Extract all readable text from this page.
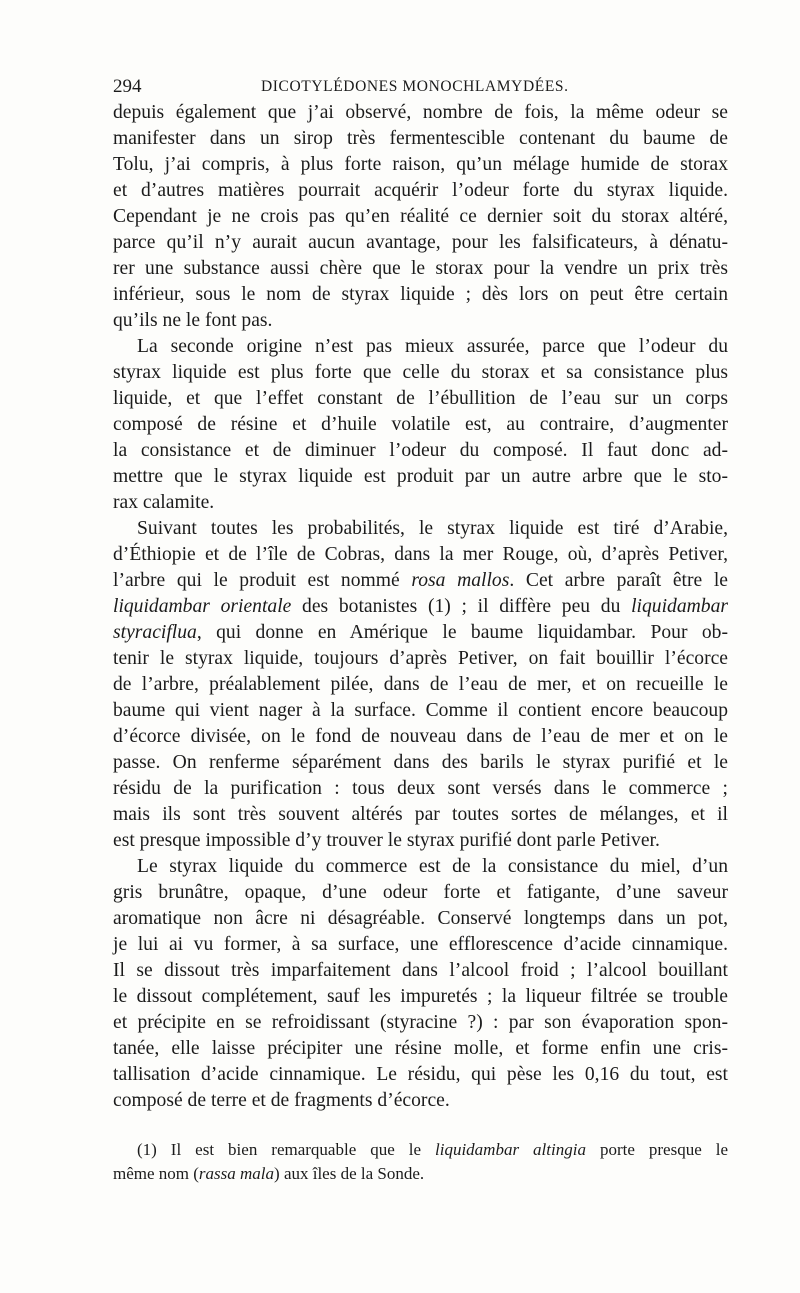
294	DICOTYLÉDONES MONOCHLAMYDÉES.
depuis également que j’ai observé, nombre de fois, la même odeur se
manifester dans un sirop très fermentescible contenant du baume de
Tolu, j’ai compris, à plus forte raison, qu’un mélage humide de storax
et d’autres matières pourrait acquérir l’odeur forte du styrax liquide.
Cependant je ne crois pas qu’en réalité ce dernier soit du storax altéré,
parce qu’il n’y aurait aucun avantage, pour les falsificateurs, à dénatu-
rer une substance aussi chère que le storax pour la vendre un prix très
inférieur, sous le nom de styrax liquide ; dès lors on peut être certain
qu’ils ne le font pas.
La seconde origine n’est pas mieux assurée, parce que l’odeur du
styrax liquide est plus forte que celle du storax et sa consistance plus
liquide, et que l’effet constant de l’ébullition de l’eau sur un corps
composé de résine et d’huile volatile est, au contraire, d’augmenter
la consistance et de diminuer l’odeur du composé. Il faut donc ad-
mettre que le styrax liquide est produit par un autre arbre que le sto-
rax calamite.
Suivant toutes les probabilités, le styrax liquide est tiré d’Arabie,
d’Éthiopie et de l’île de Cobras, dans la mer Rouge, où, d’après Petiver,
l’arbre qui le produit est nommé rosa mallos. Cet arbre paraît être le
liquidambar orientale des botanistes (1) ; il diffère peu du liquidambar
styraciflua, qui donne en Amérique le baume liquidambar. Pour ob-
tenir le styrax liquide, toujours d’après Petiver, on fait bouillir l’écorce
de l’arbre, préalablement pilée, dans de l’eau de mer, et on recueille le
baume qui vient nager à la surface. Comme il contient encore beaucoup
d’écorce divisée, on le fond de nouveau dans de l’eau de mer et on le
passe. On renferme séparément dans des barils le styrax purifié et le
résidu de la purification : tous deux sont versés dans le commerce ;
mais ils sont très souvent altérés par toutes sortes de mélanges, et il
est presque impossible d’y trouver le styrax purifié dont parle Petiver.
Le styrax liquide du commerce est de la consistance du miel, d’un
gris brunâtre, opaque, d’une odeur forte et fatigante, d’une saveur
aromatique non âcre ni désagréable. Conservé longtemps dans un pot,
je lui ai vu former, à sa surface, une efflorescence d’acide cinnamique.
Il se dissout très imparfaitement dans l’alcool froid ; l’alcool bouillant
le dissout complétement, sauf les impuretés ; la liqueur filtrée se trouble
et précipite en se refroidissant (styracine ?) : par son évaporation spon-
tanée, elle laisse précipiter une résine molle, et forme enfin une cris-
tallisation d’acide cinnamique. Le résidu, qui pèse les 0,16 du tout, est
composé de terre et de fragments d’écorce.
(1) Il est bien remarquable que le liquidambar altingia porte presque le
même nom (rassa mala) aux îles de la Sonde.
